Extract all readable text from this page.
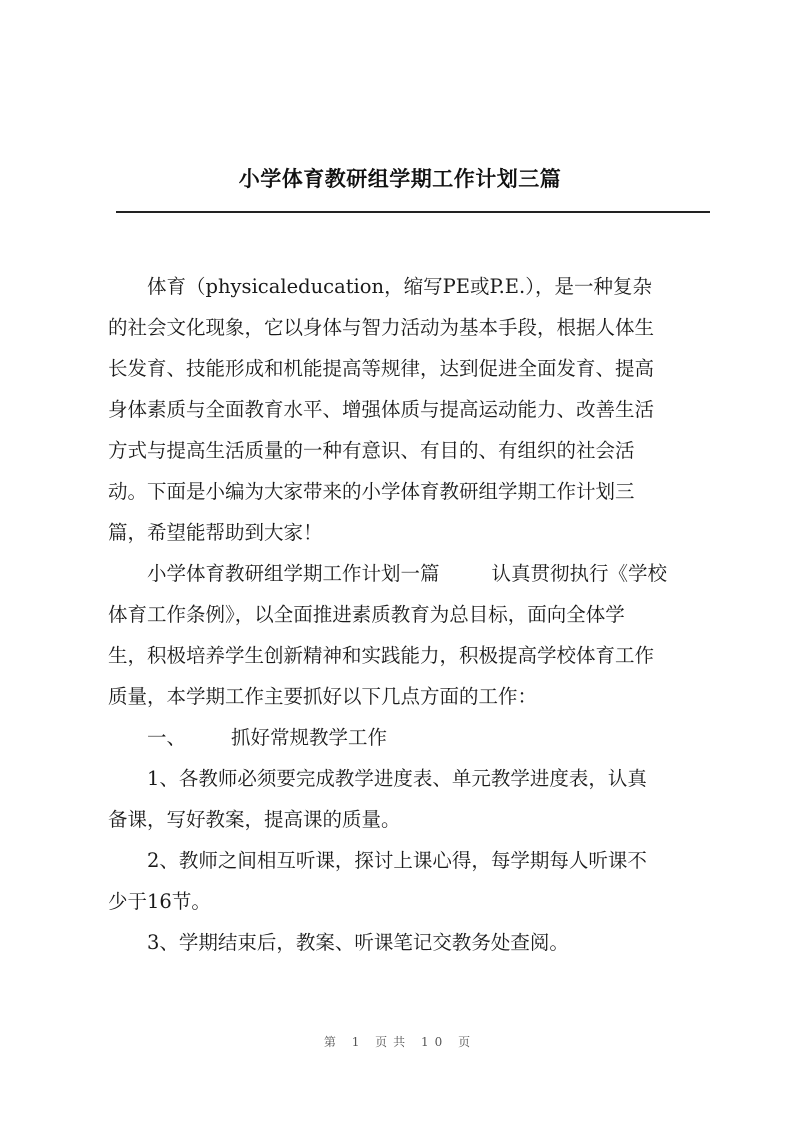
小学体育教研组学期工作计划三篇
体育（physicaleducation，缩写PE或P.E.），是一种复杂
的社会文化现象，它以身体与智力活动为基本手段，根据人体生
长发育、技能形成和机能提高等规律，达到促进全面发育、提高
身体素质与全面教育水平、增强体质与提高运动能力、改善生活
方式与提高生活质量的一种有意识、有目的、有组织的社会活
动。下面是小编为大家带来的小学体育教研组学期工作计划三
篇，希望能帮助到大家！
小学体育教研组学期工作计划一篇	认真贯彻执行《学校
体育工作条例》，以全面推进素质教育为总目标，面向全体学
生，积极培养学生创新精神和实践能力，积极提高学校体育工作
质量，本学期工作主要抓好以下几点方面的工作：
一、 抓好常规教学工作
1、各教师必须要完成教学进度表、单元教学进度表，认真
备课，写好教案，提高课的质量。
2、教师之间相互听课，探讨上课心得，每学期每人听课不
少于16节。
3、学期结束后，教案、听课笔记交教务处查阅。
第 1 页共 10 页
